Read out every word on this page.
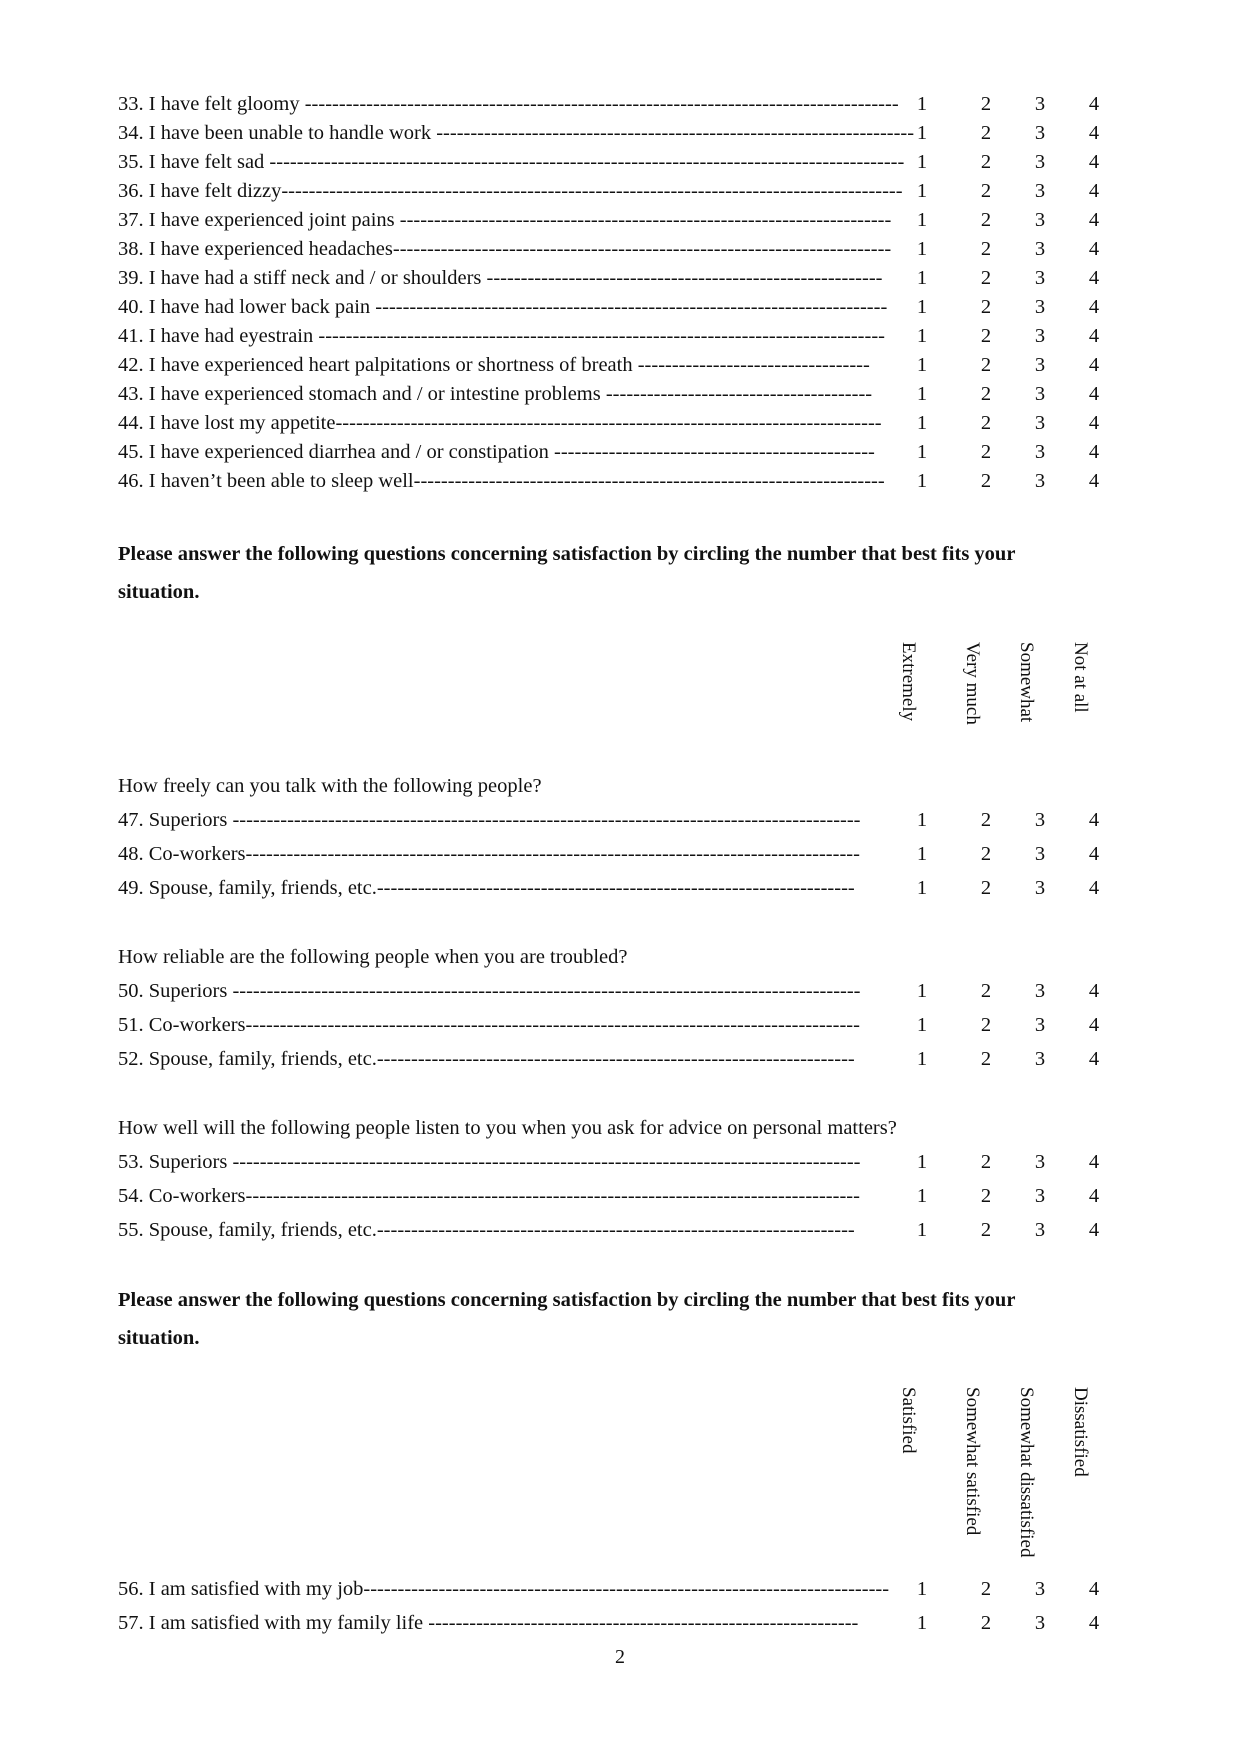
33. I have felt gloomy --------------------------------------------------------------------------------------- 1	2	3	4
34. I have been unable to handle work ---------------------------------------------------------------------- 1	2	3	4
35. I have felt sad --------------------------------------------------------------------------------------------- 1	2	3	4
36. I have felt dizzy------------------------------------------------------------------------------------------- 1	2	3	4
37. I have experienced joint pains ------------------------------------------------------------------------	1	2	3	4
38. I have experienced headaches-------------------------------------------------------------------------	1	2	3	4
39. I have had a stiff neck and / or shoulders ----------------------------------------------------------	1	2	3	4
40. I have had lower back pain ---------------------------------------------------------------------------	1	2	3	4
41. I have had eyestrain -----------------------------------------------------------------------------------	1	2	3	4
42. I have experienced heart palpitations or shortness of breath ----------------------------------	1	2	3	4
43. I have experienced stomach and / or intestine problems ---------------------------------------	1	2	3	4
44. I have lost my appetite--------------------------------------------------------------------------------	1	2	3	4
45. I have experienced diarrhea and / or constipation -----------------------------------------------	1	2	3	4
46. I haven’t been able to sleep well---------------------------------------------------------------------	1	2	3	4
Please answer the following questions concerning satisfaction by circling the number that best fits your
situation.
Extremely Very much Somewhat Not at all
How freely can you talk with the following people?
47. Superiors --------------------------------------------------------------------------------------------	1	2	3	4
48. Co-workers------------------------------------------------------------------------------------------	1	2	3	4
49. Spouse, family, friends, etc.----------------------------------------------------------------------	1	2	3	4
How reliable are the following people when you are troubled?
50. Superiors --------------------------------------------------------------------------------------------	1	2	3	4
51. Co-workers------------------------------------------------------------------------------------------	1	2	3	4
52. Spouse, family, friends, etc.----------------------------------------------------------------------	1	2	3	4
How well will the following people listen to you when you ask for advice on personal matters?
53. Superiors --------------------------------------------------------------------------------------------	1	2	3	4
54. Co-workers------------------------------------------------------------------------------------------	1	2	3	4
55. Spouse, family, friends, etc.----------------------------------------------------------------------	1	2	3	4
Please answer the following questions concerning satisfaction by circling the number that best fits your
situation.
Satisfied Somewhat satisfied Somewhat dissatisfied Dissatisfied
56. I am satisfied with my job-----------------------------------------------------------------------------	1	2	3	4
57. I am satisfied with my family life ---------------------------------------------------------------	1	2	3	4
2
